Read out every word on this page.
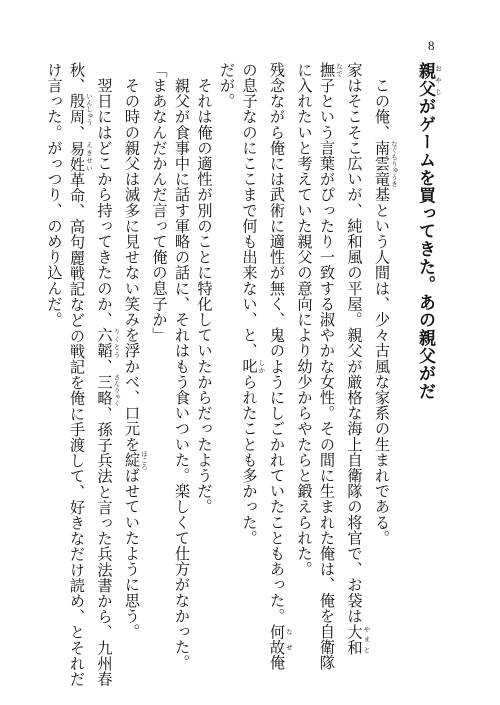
8
親父 おやじがゲームを買ってきた。あの親父がだ
　この俺、南雲竜 なぐもりゅうき基という人間は、少々古風な家系の生まれである。
家はそこそこ広いが、純和風の平屋。親父が厳格な海上自衛隊の将官で、お袋は大和 やまと
撫 なで子という言葉がぴったり一致する淑やかな女性。その間に生まれた俺は、俺を自衛隊
に入れたいと考えていた親父の意向により幼少からやたらと鍛えられた。
残念ながら俺には武術に適性が無く、鬼のようにしごかれていたこともあった。何故 なぜ俺
の息子なのにここまで何も出来ない、と、叱 しかられたことも多かった。
だが。
　それは俺の適性が別のことに特化していたからだったようだ。
　親父が食事中に話す軍略の話に、それはもう食いついた。楽しくて仕方がなかった。
「まあなんだかんだ言って俺の息子か」
　その時の親父は滅多に見せない笑みを浮かべ、口元を綻 ほころばせていたように思う。
　翌日にはどこから持ってきたのか、六韜 りくとう、三略 さんりゃく、孫子兵法と言った兵法書から、九州春
秋、殷周 いんしゅう、易姓 えきせい革命、高句麗戦記などの戦記を俺に手渡して、好きなだけ読め、とそれだ
け言った。がっつり、のめり込んだ。
